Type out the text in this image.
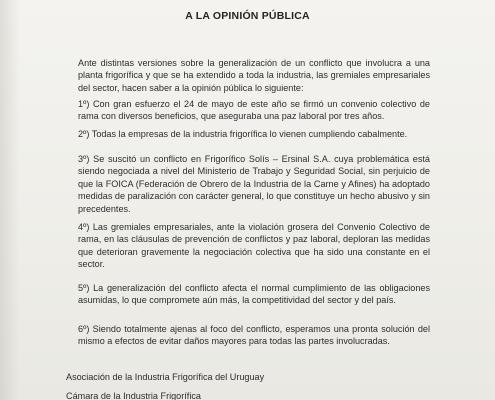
A LA OPINIÓN PÚBLICA
Ante distintas versiones sobre la generalización de un conflicto que involucra a una planta frigorífica y que se ha extendido a toda la industria, las gremiales empresariales del sector, hacen saber a la opinión pública lo siguiente:
1º) Con gran esfuerzo el 24 de mayo de este año se firmó un convenio colectivo de rama con diversos beneficios, que aseguraba una paz laboral por tres años.
2º) Todas la empresas de la industria frigorífica lo vienen cumpliendo cabalmente.
3º) Se suscitó un conflicto en Frigorífico Solís – Ersinal S.A. cuya problemática está siendo negociada a nivel del Ministerio de Trabajo y Seguridad Social, sin perjuicio de que la FOICA (Federación de Obrero de la Industria de la Carne y Afines) ha adoptado medidas de paralización con carácter general, lo que constituye un hecho abusivo y sin precedentes.
4º) Las gremiales empresariales, ante la violación grosera del Convenio Colectivo de rama, en las cláusulas de prevención de conflictos y paz laboral, deploran las medidas que deterioran gravemente la negociación colectiva que ha sido una constante en el sector.
5º) La generalización del conflicto afecta el normal cumplimiento de las obligaciones asumidas, lo que compromete aún más, la competitividad del sector y del país.
6º) Siendo totalmente ajenas al foco del conflicto, esperamos una pronta solución del mismo a efectos de evitar daños mayores para todas las partes involucradas.
Asociación de la Industria Frigorífica del Uruguay
Cámara de la Industria Frigorífica
